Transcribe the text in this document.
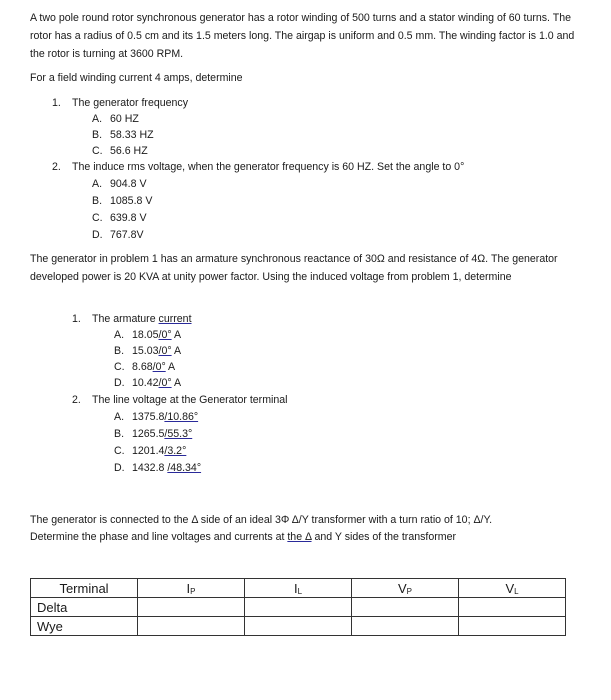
A two pole round rotor synchronous generator has a rotor winding of 500 turns and a stator winding of 60 turns. The rotor has a radius of 0.5 cm and its 1.5 meters long. The airgap is uniform and 0.5 mm. The winding factor is 1.0 and the rotor is turning at 3600 RPM.

For a field winding current 4 amps, determine
1. The generator frequency
A. 60 HZ
B. 58.33 HZ
C. 56.6 HZ
2. The induce rms voltage, when the generator frequency is 60 HZ. Set the angle to 0°
A. 904.8 V
B. 1085.8 V
C. 639.8 V
D. 767.8V

The generator in problem 1 has an armature synchronous reactance of 30Ω and resistance of 4Ω. The generator developed power is 20 KVA at unity power factor. Using the induced voltage from problem 1, determine

1. The armature current
A. 18.05/0° A
B. 15.03/0° A
C. 8.68/0° A
D. 10.42/0° A
2. The line voltage at the Generator terminal
A. 1375.8/10.86°
B. 1265.5/55.3°
C. 1201.4/3.2°
D. 1432.8 /48.34°
The generator is connected to the Δ side of an ideal 3Φ Δ/Y transformer with a turn ratio of 10; Δ/Y.
Determine the phase and line voltages and currents at the Δ and Y sides of the transformer
Terminal	IP	IL	VP	VL
Delta				
Wye				
